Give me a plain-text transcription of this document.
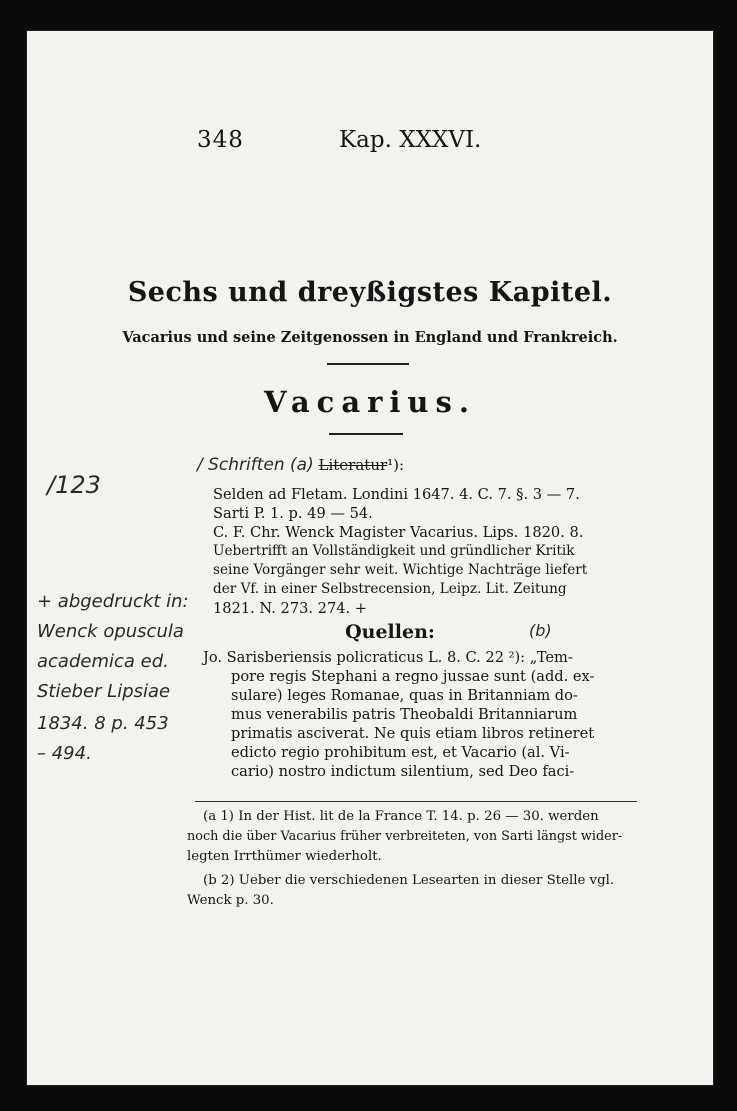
348	Kap. XXXVI.
Sechs und dreyßigstes Kapitel.
Vacarius und seine Zeitgenossen in England und Frankreich.
Vacarius.
/123
/ Schriften (a) Literatur¹):
Selden ad Fletam. Londini 1647. 4. C. 7. §. 3 — 7.
Sarti P. 1. p. 49 — 54.
C. F. Chr. Wenck Magister Vacarius. Lips. 1820. 8.
Uebertrifft an Vollständigkeit und gründlicher Kritik
seine Vorgänger sehr weit. Wichtige Nachträge liefert
der Vf. in einer Selbstrecension, Leipz. Lit. Zeitung
1821. N. 273. 274. +
+ abgedruckt in:
Wenck opuscula
academica ed.
Stieber Lipsiae
1834. 8 p. 453
– 494.
Quellen:	(b)
Jo. Sarisberiensis policraticus L. 8. C. 22 ²): „Tem-
pore regis Stephani a regno jussae sunt (add. ex-
sulare) leges Romanae, quas in Britanniam do-
mus venerabilis patris Theobaldi Britanniarum
primatis asciverat. Ne quis etiam libros retineret
edicto regio prohibitum est, et Vacario (al. Vi-
cario) nostro indictum silentium, sed Deo faci-
(a 1) In der Hist. lit de la France T. 14. p. 26 — 30. werden
noch die über Vacarius früher verbreiteten, von Sarti längst wider-
legten Irrthümer wiederholt.
(b 2) Ueber die verschiedenen Lesearten in dieser Stelle vgl.
Wenck p. 30.
